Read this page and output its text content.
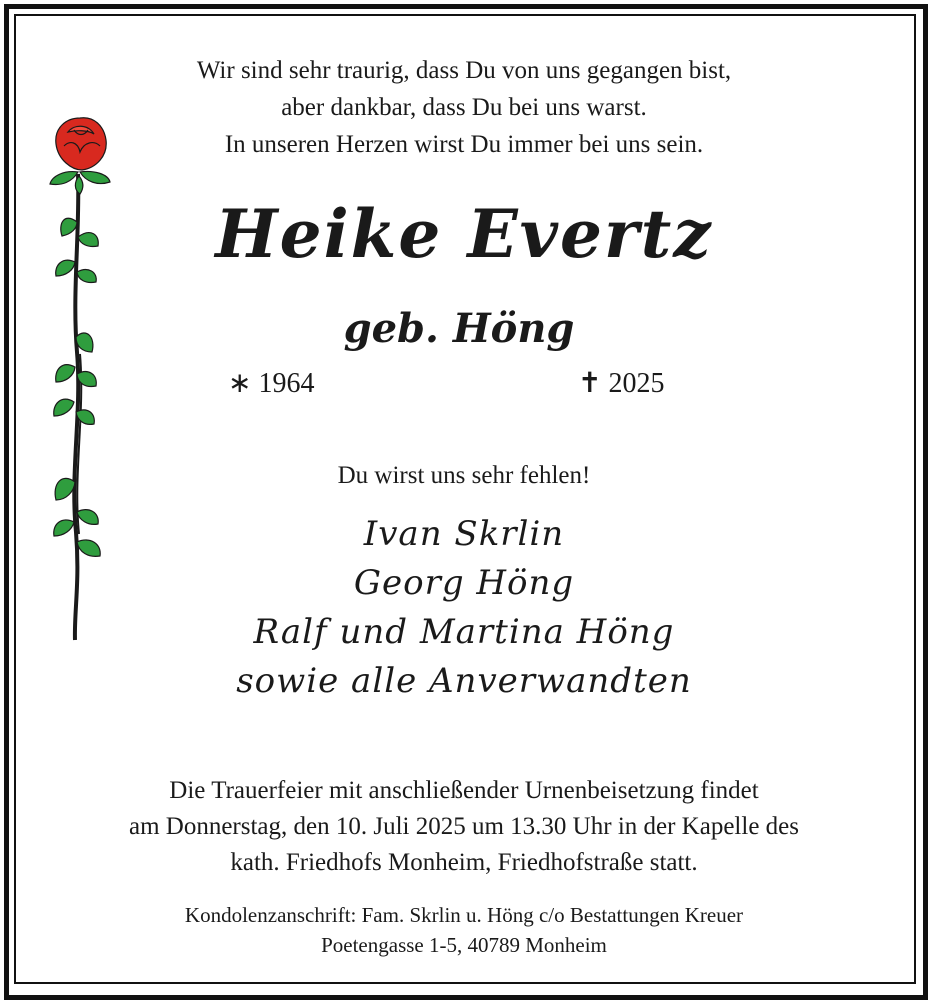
Wir sind sehr traurig, dass Du von uns gegangen bist,
aber dankbar, dass Du bei uns warst.
In unseren Herzen wirst Du immer bei uns sein.
Heike Evertz
geb. Höng
∗ 1964	✝ 2025
Du wirst uns sehr fehlen!
Ivan Skrlin
Georg Höng
Ralf und Martina Höng
sowie alle Anverwandten
Die Trauerfeier mit anschließender Urnenbeisetzung findet
am Donnerstag, den 10. Juli 2025 um 13.30 Uhr in der Kapelle des
kath. Friedhofs Monheim, Friedhofstraße statt.
Kondolenzanschrift: Fam. Skrlin u. Höng c/o Bestattungen Kreuer
Poetengasse 1-5, 40789 Monheim
